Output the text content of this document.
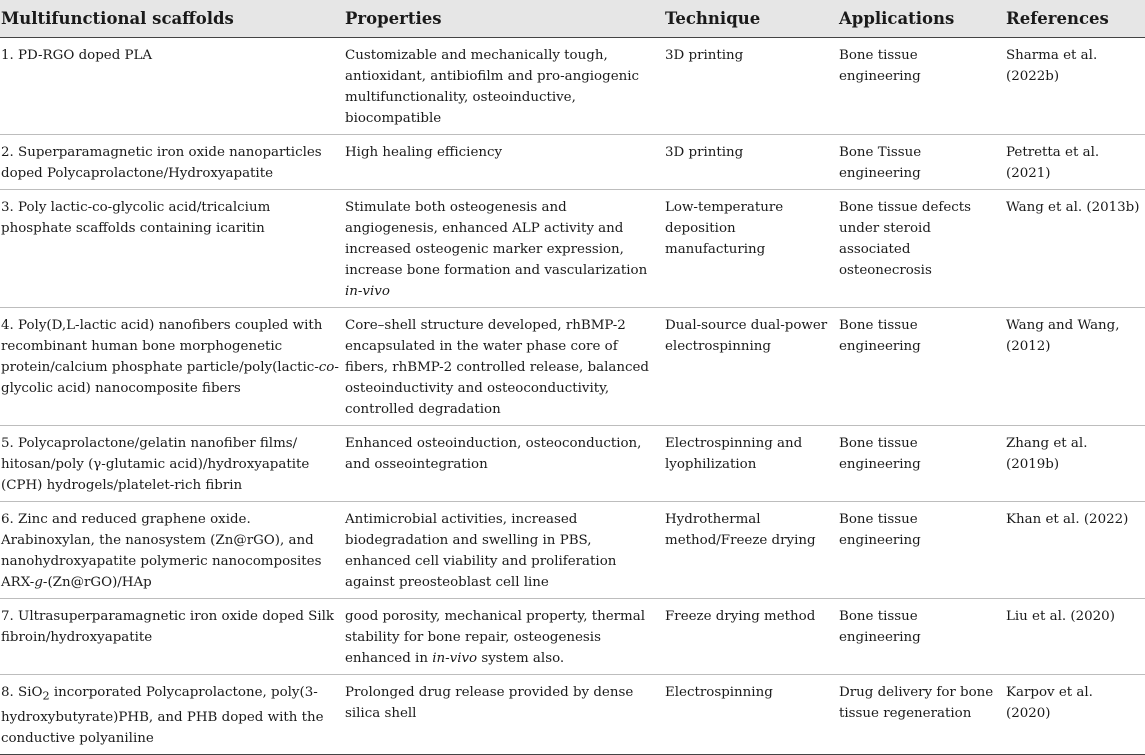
Multifunctional scaffolds	Properties	Technique	Applications	References
1. PD-RGO doped PLA	Customizable and mechanically tough, antioxidant, antibiofilm and pro-angiogenic multifunctionality, osteoinductive, biocompatible	3D printing	Bone tissue engineering	Sharma et al. (2022b)
2. Superparamagnetic iron oxide nanoparticles doped Polycaprolactone/Hydroxyapatite	High healing efficiency	3D printing	Bone Tissue engineering	Petretta et al. (2021)
3. Poly lactic-co-glycolic acid/tricalcium phosphate scaffolds containing icaritin	Stimulate both osteogenesis and angiogenesis, enhanced ALP activity and increased osteogenic marker expression, increase bone formation and vascularization in-vivo	Low-temperature deposition manufacturing	Bone tissue defects under steroid associated osteonecrosis	Wang et al. (2013b)
4. Poly(D,L-lactic acid) nanofibers coupled with recombinant human bone morphogenetic protein/calcium phosphate particle/poly(lactic-co-glycolic acid) nanocomposite fibers	Core–shell structure developed, rhBMP-2 encapsulated in the water phase core of fibers, rhBMP-2 controlled release, balanced osteoinductivity and osteoconductivity, controlled degradation	Dual-source dual-power electrospinning	Bone tissue engineering	Wang and Wang, (2012)
5. Polycaprolactone/gelatin nanofiber films/ hitosan/poly (γ-glutamic acid)/hydroxyapatite (CPH) hydrogels/platelet-rich fibrin	Enhanced osteoinduction, osteoconduction, and osseointegration	Electrospinning and lyophilization	Bone tissue engineering	Zhang et al. (2019b)
6. Zinc and reduced graphene oxide. Arabinoxylan, the nanosystem (Zn@rGO), and nanohydroxyapatite polymeric nanocomposites ARX-g-(Zn@rGO)/HAp	Antimicrobial activities, increased biodegradation and swelling in PBS, enhanced cell viability and proliferation against preosteoblast cell line	Hydrothermal method/Freeze drying	Bone tissue engineering	Khan et al. (2022)
7. Ultrasuperparamagnetic iron oxide doped Silk fibroin/hydroxyapatite	good porosity, mechanical property, thermal stability for bone repair, osteogenesis enhanced in in-vivo system also.	Freeze drying method	Bone tissue engineering	Liu et al. (2020)
8. SiO$_2$ incorporated Polycaprolactone, poly(3-hydroxybutyrate)PHB, and PHB doped with the conductive polyaniline	Prolonged drug release provided by dense silica shell	Electrospinning	Drug delivery for bone tissue regeneration	Karpov et al. (2020)
